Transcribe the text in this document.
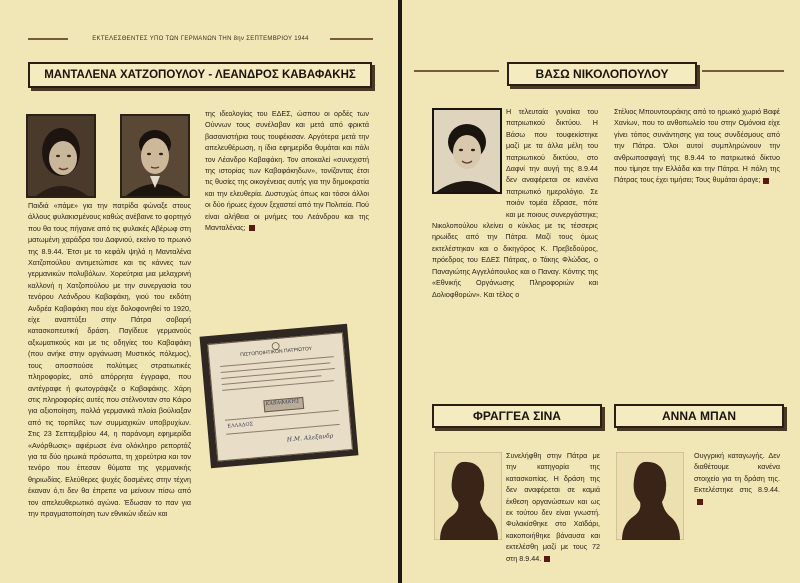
ΕΚΤΕΛΕΣΘΕΝΤΕΣ ΥΠΟ ΤΩΝ ΓΕΡΜΑΝΩΝ ΤΗΝ 8ην ΣΕΠΤΕΜΒΡΙΟΥ 1944
ΜΑΝΤΑΛΕΝΑ ΧΑΤΖΟΠΟΥΛΟΥ - ΛΕΑΝΔΡΟΣ ΚΑΒΑΦΑΚΗΣ

Παιδιά «πάμε» για την πατρίδα φώναξε στους άλλους φυλακισμένους καθώς ανέβαινε το φορτηγό που θα τους πήγαινε από τις φυλακές Αβέρωφ στη ματωμένη χαράδρα του Δαφνιού, εκείνο το πρωινό της 8.9.44. Έτσι με το κεφάλι ψηλά η Μανταλένα Χατζοπούλου αντιμετώπισε και τις κάννες των γερμανικών πολυβόλων. Χορεύτρια μια μελαχρινή καλλονή η Χατζοπούλου με την συνεργασία του τενόρου Λεάνδρου Καβαφάκη, γιού του εκδότη Ανδρέα Καβαφάκη που είχε δολοφονηθεί το 1920, είχε αναπτύξει στην Πάτρα σοβαρή κατασκοπευτική δράση. Παγίδευε γερμανούς αξιωματικούς και με τις οδηγίες του Καβαφάκη (που ανήκε στην οργάνωση Μυστικός πόλεμος), τους αποσπούσε πολύτιμες στρατιωτικές πληροφορίες, από απόρρητα έγγραφα, που αντέγραφε ή φωτογράφιζε ο Καβαφάκης. Χάρη στις πληροφορίες αυτές που στέλνονταν στο Κάιρο για αξιοποίηση, πολλά γερμανικά πλοία βούλιαξαν από τις τορπίλες των συμμαχικών υποβρυχίων. Στις 23 Σεπτεμβρίου 44, η παράνομη εφημερίδα «Ανόρθωσις» αφιέρωσε ένα ολόκληρο ρεπορτάζ για τα δύο ηρωικά πρόσωπα, τη χορεύτρια και τον τενόρο που έπεσαν θύματα της γερμανικής θηριωδίας. Ελεύθερες ψυχές δοσμένες στην τέχνη έκαναν ό,τι δεν θα έπρεπε να μείνουν πίσω από τον απελευθερωτικό αγώνα. Έδωσαν το παν για την πραγματοποίηση των εθνικών ιδεών και

της ιδεολογίας του ΕΔΕΣ, ώσπου οι ορδές των Ούννων τους συνέλαβαν και μετά από φρικτά βασανιστήρια τους τουφέκισαν. Αργότερα μετά την απελευθέρωση, η ίδια εφημερίδα θυμάται και πάλι τον Λέανδρο Καβαφάκη. Τον αποκαλεί «συνεχιστή της ιστορίας των Καβαφάκηδων», τονίζοντας έτσι τις θυσίες της οικογένειας αυτής για την δημοκρατία και την ελευθερία. Δυστυχώς όπως και τόσοι άλλοι οι δύο ήρωες έχουν ξεχαστεί από την Πολιτεία. Πού είναι αλήθεια οι μνήμες του Λεάνδρου και της Μανταλένας;

ΠΙΣΤΟΠΟΙΗΤΙΚΟΝ ΠΑΤΡΙΩΤΟΥ
ΚΑΒΑΦΑΚΗΣ
ΕΛΛΑΔΟΣ
Η.Μ. Αλεξανδρ
ΒΑΣΩ ΝΙΚΟΛΟΠΟΥΛΟΥ

Η τελευταία γυναίκα του πατριωτικού δικτύου. Η Βάσω που τουφεκίστηκε μαζί με τα άλλα μέλη του πατριωτικού δικτύου, στο Δαφνί την αυγή της 8.9.44 δεν αναφέρεται σε κανένα πατριωτικό ημερολόγιο. Σε ποιόν τομέα έδρασε, πότε και με ποιους συνεργάστηκε;

Νικολοπούλου κλείνει ο κύκλος με τις τέσσερις ηρωίδες από την Πάτρα. Μαζί τους όμως εκτελέστηκαν και ο δικηγόρος Κ. Πρεβεδούρος, πρόεδρος του ΕΔΕΣ Πάτρας, ο Τάκης Φλώδας, ο Παναγιώτης Αγγελόπουλος και ο Παναγ. Κόντης της «Εθνικής Οργάνωσης Πληροφοριών και Δολιοφθορών». Και τέλος ο

Στέλιος Μπουντουράκης από το ηρωικό χωριό Βαφέ Χανίων, που το ανθοπωλείο του στην Ομόνοια είχε γίνει τόπος συνάντησης για τους συνδέσμους από την Πάτρα. Όλοι αυτοί συμπληρώνουν την ανθρωποσφαγή της 8.9.44 το πατριωτικό δίκτυο που τίμησε την Ελλάδα και την Πάτρα. Η πόλη της Πάτρας τους έχει τιμήσει; Τους θυμάται άραγε;

ΦΡΑΓΓΕΑ ΣΙΝΑ	ΑΝΝΑ ΜΠΑΝ

Συνελήφθη στην Πάτρα με την κατηγορία της κατασκοπίας. Η δράση της δεν αναφέρεται σε καμιά έκθεση οργανώσεων και ως εκ τούτου δεν είναι γνωστή. Φυλακίσθηκε στο Χαϊδάρι, κακοποιήθηκε βάναυσα και εκτελέσθη μαζί με τους 72 στη 8.9.44.

Ουγγρική καταγωγής. Δεν διαθέτουμε κανένα στοιχείο για τη δράση της. Εκτελέστηκε στις 8.9.44.
